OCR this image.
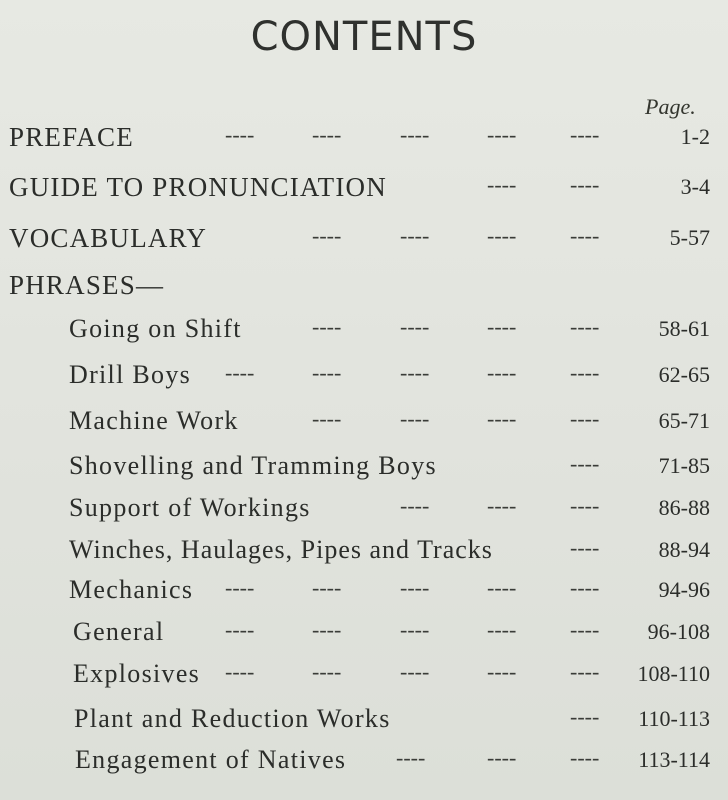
CONTENTS
Page.
PREFACE	----	----	----	---- ----	1-2
GUIDE TO PRONUNCIATION	---- ----	3-4
VOCABULARY	----	----	---- ----	5-57
PHRASES—
Going on Shift	----	----	---- ----	58-61
Drill Boys ----	----	----	---- ----	62-65
Machine Work	----	----	---- ----	65-71
Shovelling and Tramming Boys	----	71-85
Support of Workings	----	---- ----	86-88
Winches, Haulages, Pipes and Tracks	----	88-94
Mechanics ----	----	----	---- ----	94-96
General	----	----	----	---- ---- 96-108
Explosives ----	----	----	---- ---- 108-110
Plant and Reduction Works	---- 110-113
Engagement of Natives ----	---- ---- 113-114
